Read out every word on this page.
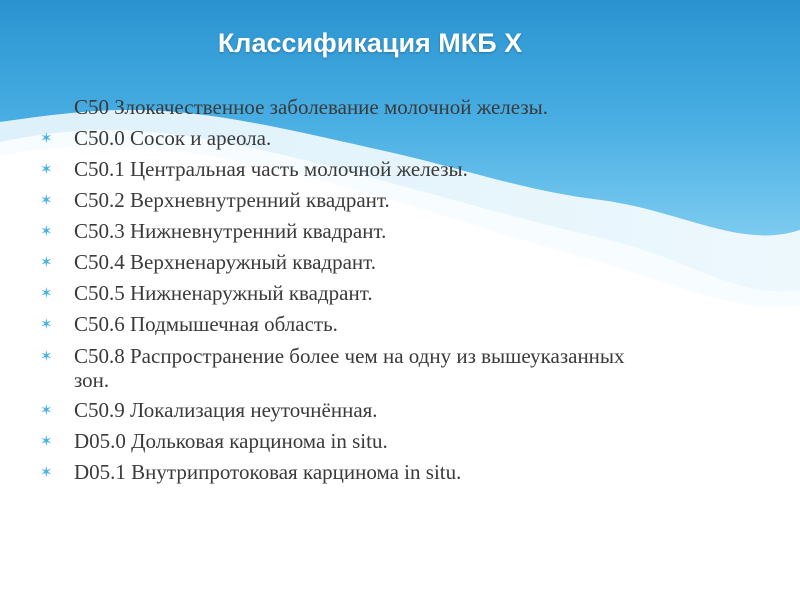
Классификация МКБ X
С50 Злокачественное заболевание молочной железы.
✶	С50.0 Сосок и ареола.
✶	С50.1 Центральная часть молочной железы.
✶	С50.2 Верхневнутренний квадрант.
✶	С50.3 Нижневнутренний квадрант.
✶	С50.4 Верхненаружный квадрант.
✶	С50.5 Нижненаружный квадрант.
✶	С50.6 Подмышечная область.
✶	С50.8 Распространение более чем на одну из вышеуказанных зон.
✶	С50.9 Локализация неуточнённая.
✶	D05.0 Дольковая карцинома in situ.
✶	D05.1 Внутрипротоковая карцинома in situ.
